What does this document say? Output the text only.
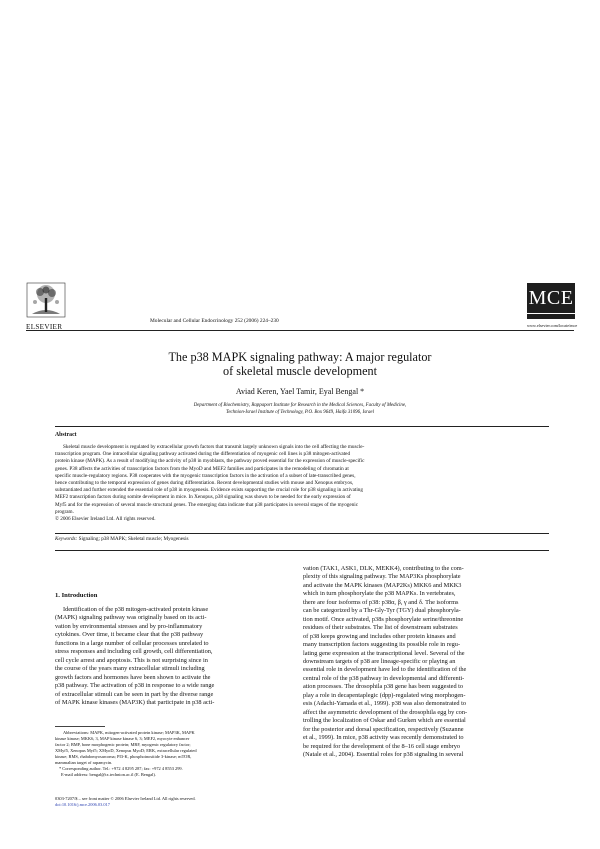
ELSEVIER
Molecular and Cellular Endocrinology 252 (2006) 224–230
MCE
www.elsevier.com/locate/mce
The p38 MAPK signaling pathway: A major regulator
of skeletal muscle development
Aviad Keren, Yael Tamir, Eyal Bengal *
Department of Biochemistry, Rappaport Institute for Research in the Medical Sciences, Faculty of Medicine,
Technion-Israel Institute of Technology, P.O. Box 9649, Haifa 31096, Israel
Abstract
Skeletal muscle development is regulated by extracellular growth factors that transmit largely unknown signals into the cell affecting the muscle-
transcription program. One intracellular signaling pathway activated during the differentiation of myogenic cell lines is p38 mitogen-activated
protein kinase (MAPK). As a result of modifying the activity of p38 in myoblasts, the pathway proved essential for the expression of muscle-specific
genes. P38 affects the activities of transcription factors from the MyoD and MEF2 families and participates in the remodeling of chromatin at
specific muscle-regulatory regions. P38 cooperates with the myogenic transcription factors in the activation of a subset of late-transcribed genes,
hence contributing to the temporal expression of genes during differentiation. Recent developmental studies with mouse and Xenopus embryos,
substantiated and further extended the essential role of p38 in myogenesis. Evidence exists supporting the crucial role for p38 signaling in activating
MEF2 transcription factors during somite development in mice. In Xenopus, p38 signaling was shown to be needed for the early expression of
Myf5 and for the expression of several muscle structural genes. The emerging data indicate that p38 participates in several stages of the myogenic
program.
© 2006 Elsevier Ireland Ltd. All rights reserved.
Keywords: Signaling; p38 MAPK; Skeletal muscle; Myogenesis
1. Introduction
Identification of the p38 mitogen-activated protein kinase
(MAPK) signaling pathway was originally based on its acti-
vation by environmental stresses and by pro-inflammatory
cytokines. Over time, it became clear that the p38 pathway
functions in a large number of cellular processes unrelated to
stress responses and including cell growth, cell differentiation,
cell cycle arrest and apoptosis. This is not surprising since in
the course of the years many extracellular stimuli including
growth factors and hormones have been shown to activate the
p38 pathway. The activation of p38 in response to a wide range
of extracellular stimuli can be seen in part by the diverse range
of MAPK kinase kinases (MAP3K) that participate in p38 acti-
vation (TAK1, ASK1, DLK, MEKK4), contributing to the com-
plexity of this signaling pathway. The MAP3Ks phosphorylate
and activate the MAPK kinases (MAP2Ks) MKK6 and MKK3
which in turn phosphorylate the p38 MAPKs. In vertebrates,
there are four isoforms of p38: p38α, β, γ and δ. The isoforms
can be categorized by a Thr-Gly-Tyr (TGY) dual phosphoryla-
tion motif. Once activated, p38s phosphorylate serine/threonine
residues of their substrates. The list of downstream substrates
of p38 keeps growing and includes other protein kinases and
many transcription factors suggesting its possible role in regu-
lating gene expression at the transcriptional level. Several of the
downstream targets of p38 are lineage-specific or playing an
essential role in development have led to the identification of the
central role of the p38 pathway in developmental and differenti-
ation processes. The drosophila p38 gene has been suggested to
play a role in decapentaplegic (dpp)-regulated wing morphogen-
esis (Adachi-Yamada et al., 1999). p38 was also demonstrated to
affect the asymmetric development of the drosophila egg by con-
trolling the localization of Oskar and Gurken which are essential
for the posterior and dorsal specification, respectively (Suzanne
et al., 1999). In mice, p38 activity was recently demonstrated to
be required for the development of the 8–16 cell stage embryo
(Natale et al., 2004). Essential roles for p38 signaling in several
Abbreviations: MAPK, mitogen-activated protein kinase; MAP3K, MAPK
kinase kinase; MKK6, 3, MAP kinase kinase 6, 3; MEF2, myocyte enhancer
factor 2; BMP, bone morphogenic protein; MRF, myogenic regulatory factor;
XMyf5, Xenopus Myf5; XMyoD, Xenopus MyoD; ERK, extracellular regulated
kinase; RMS, rhabdomyosarcoma; PI3-K, phosphoinositide 3-kinase; mTOR,
mammalian target of rapamycin.
* Corresponding author. Tel.: +972 4 8295 287; fax: +972 4 8553 299.
E-mail address: bengal@tx.technion.ac.il (E. Bengal).
0303-7207/$ – see front matter © 2006 Elsevier Ireland Ltd. All rights reserved.
doi:10.1016/j.mce.2006.03.017
